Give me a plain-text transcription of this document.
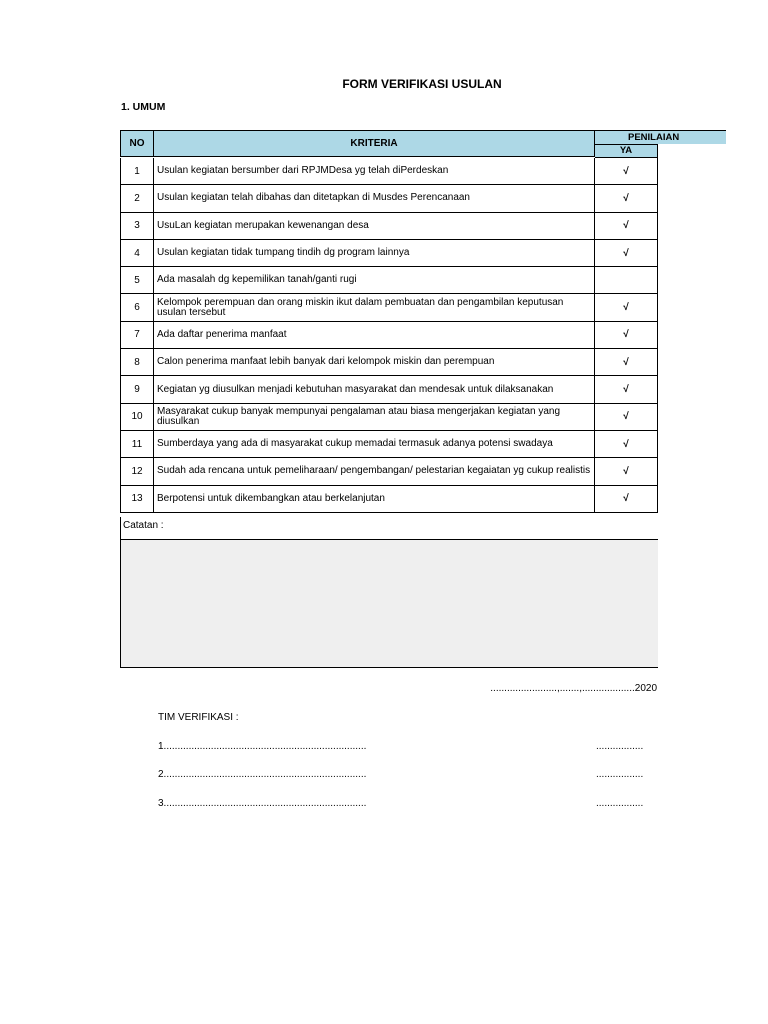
FORM VERIFIKASI USULAN
1. UMUM
NO	KRITERIA
PENILAIAN
YA
1	Usulan kegiatan bersumber dari RPJMDesa yg telah diPerdeskan	√
2	Usulan kegiatan telah dibahas dan ditetapkan di Musdes Perencanaan	√
3	UsuLan kegiatan merupakan kewenangan desa	√
4	Usulan kegiatan tidak tumpang tindih dg program lainnya	√
5	Ada masalah dg kepemilikan tanah/ganti rugi
6	Kelompok perempuan dan orang miskin ikut dalam pembuatan dan pengambilan keputusan usulan tersebut	√
7	Ada daftar penerima manfaat	√
8	Calon penerima manfaat lebih banyak dari kelompok miskin dan perempuan	√
9	Kegiatan yg diusulkan menjadi kebutuhan masyarakat dan mendesak untuk dilaksanakan	√
10	Masyarakat cukup banyak mempunyai pengalaman atau biasa mengerjakan kegiatan yang diusulkan	√
11	Sumberdaya yang ada di masyarakat cukup memadai termasuk adanya potensi swadaya	√
12	Sudah ada rencana untuk pemeliharaan/ pengembangan/ pelestarian kegaiatan yg cukup realistis	√
13	Berpotensi untuk dikembangkan atau berkelanjutan	√
Catatan :
........................,.......,...................2020
TIM VERIFIKASI :
1.........................................................................	.................
2.........................................................................	.................
3.........................................................................	.................
